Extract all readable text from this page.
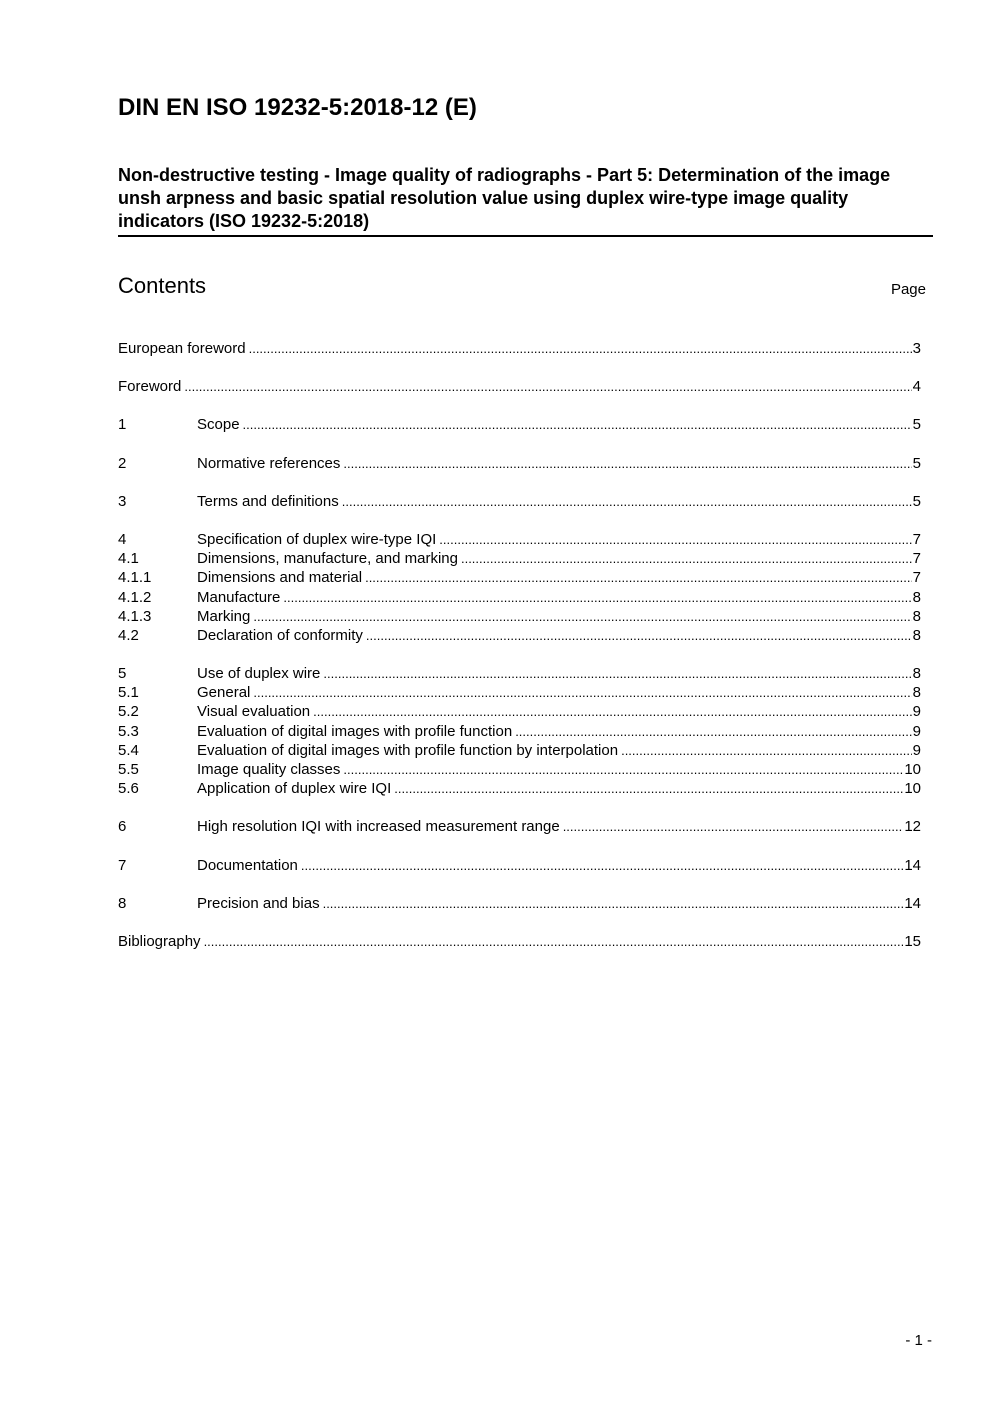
DIN EN ISO 19232-5:2018-12 (E)
Non-destructive testing - Image quality of radiographs - Part 5: Determination of the image unsh arpness and basic spatial resolution value using duplex wire-type image quality indicators (ISO 19232-5:2018)
Contents	Page
European foreword .....	3
Foreword .....	4
1	Scope .....	5
2	Normative references .....	5
3	Terms and definitions .....	5
4	Specification of duplex wire-type IQI .....	7
4.1	Dimensions, manufacture, and marking .....	7
4.1.1	Dimensions and material .....	7
4.1.2	Manufacture .....	8
4.1.3	Marking .....	8
4.2	Declaration of conformity .....	8
5	Use of duplex wire .....	8
5.1	General .....	8
5.2	Visual evaluation .....	9
5.3	Evaluation of digital images with profile function .....	9
5.4	Evaluation of digital images with profile function by interpolation .....	9
5.5	Image quality classes .....	10
5.6	Application of duplex wire IQI .....	10
6	High resolution IQI with increased measurement range .....	12
7	Documentation .....	14
8	Precision and bias .....	14
Bibliography .....	15
- 1 -
